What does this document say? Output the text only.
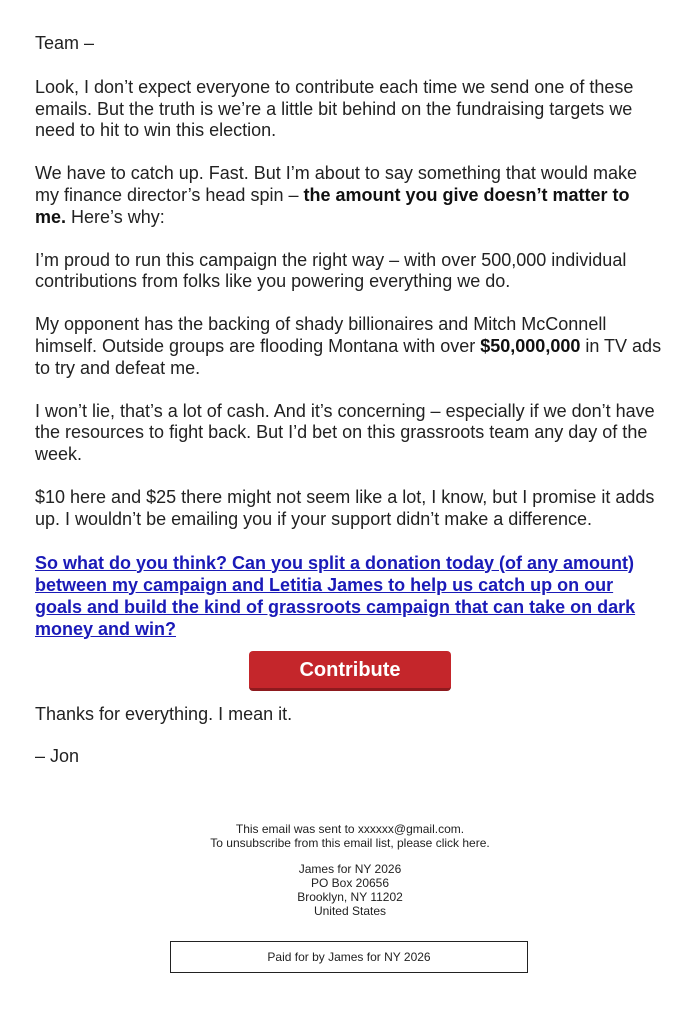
Team –

Look, I don’t expect everyone to contribute each time we send one of these emails. But the truth is we’re a little bit behind on the fundraising targets we need to hit to win this election.

We have to catch up. Fast. But I’m about to say something that would make my finance director’s head spin – the amount you give doesn’t matter to me. Here’s why:

I’m proud to run this campaign the right way – with over 500,000 individual contributions from folks like you powering everything we do.

My opponent has the backing of shady billionaires and Mitch McConnell himself. Outside groups are flooding Montana with over $50,000,000 in TV ads to try and defeat me.

I won’t lie, that’s a lot of cash. And it’s concerning – especially if we don’t have the resources to fight back. But I’d bet on this grassroots team any day of the week.

$10 here and $25 there might not seem like a lot, I know, but I promise it adds up. I wouldn’t be emailing you if your support didn’t make a difference.

So what do you think? Can you split a donation today (of any amount) between my campaign and Letitia James to help us catch up on our goals and build the kind of grassroots campaign that can take on dark money and win?
Contribute

Thanks for everything. I mean it.

– Jon

This email was sent to xxxxxx@gmail.com.

To unsubscribe from this email list, please click here.

James for NY 2026

PO Box 20656

Brooklyn, NY 11202

United States

Paid for by James for NY 2026
